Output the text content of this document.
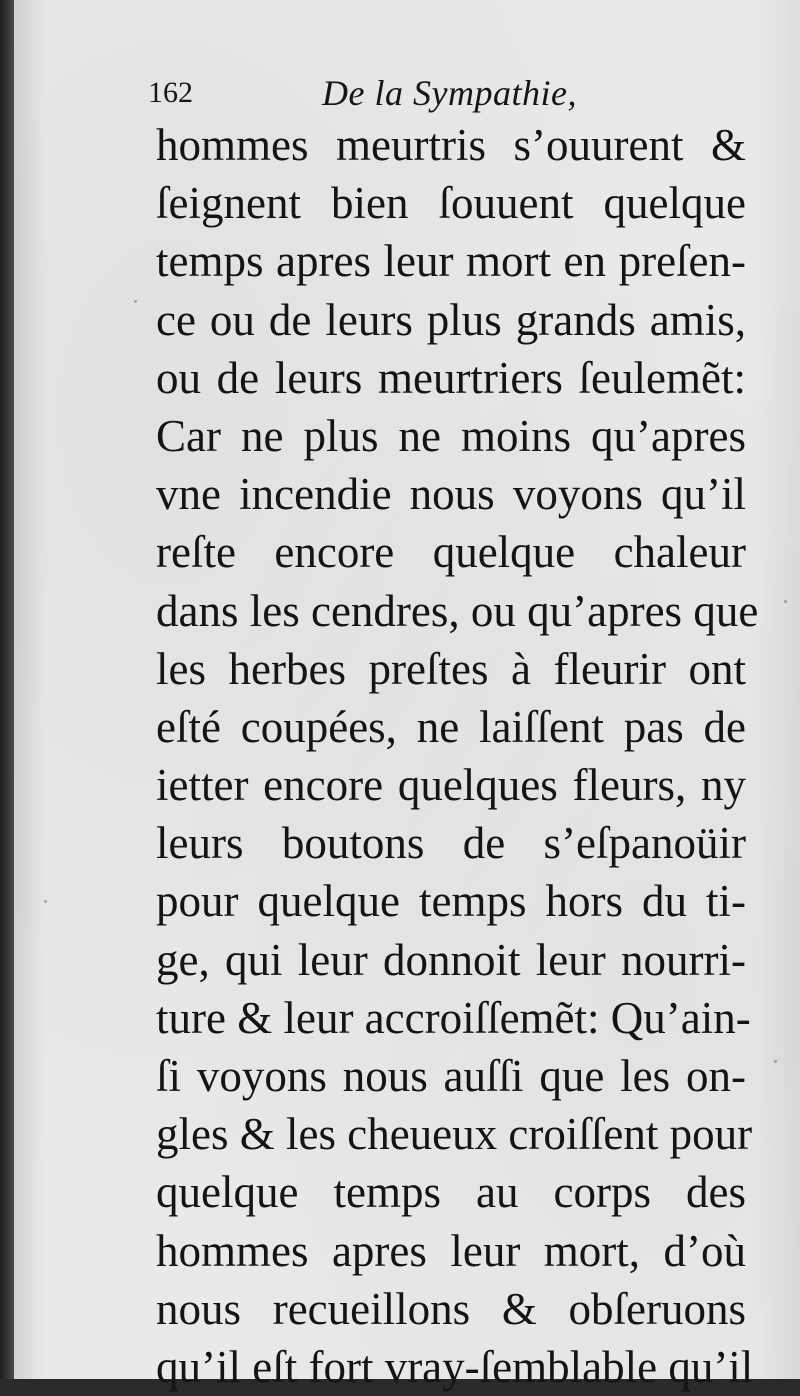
162	De la Sympathie,
hommes meurtris s’ouurent &
ſeignent bien ſouuent quelque
temps apres leur mort en preſen-
ce ou de leurs plus grands amis,
ou de leurs meurtriers ſeulemẽt:
Car ne plus ne moins qu’apres
vne incendie nous voyons qu’il
reſte encore quelque chaleur
dans les cendres, ou qu’apres que
les herbes preſtes à fleurir ont
eſté coupées, ne laiſſent pas de
ietter encore quelques fleurs, ny
leurs boutons de s’eſpanoüir
pour quelque temps hors du ti-
ge, qui leur donnoit leur nourri-
ture & leur accroiſſemẽt: Qu’ain-
ſi voyons nous auſſi que les on-
gles & les cheueux croiſſent pour
quelque temps au corps des
hommes apres leur mort, d’où
nous recueillons & obſeruons
qu’il eſt fort vray-ſemblable qu’il
